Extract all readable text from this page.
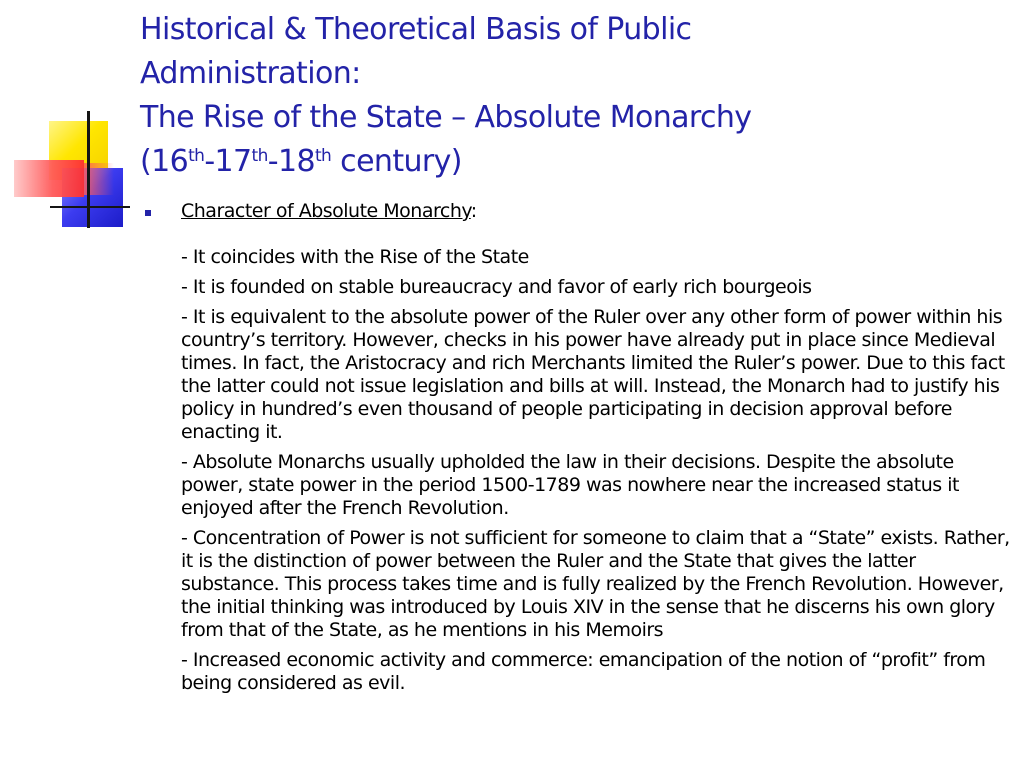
Historical & Theoretical Basis of Public
Administration:
The Rise of the State – Absolute Monarchy
(16th-17th-18th century)

Character of Absolute Monarchy:

- It coincides with the Rise of the State

- It is founded on stable bureaucracy and favor of early rich bourgeois

- It is equivalent to the absolute power of the Ruler over any other form of power within his country’s territory. However, checks in his power have already put in place since Medieval times. In fact, the Aristocracy and rich Merchants limited the Ruler’s power. Due to this fact the latter could not issue legislation and bills at will. Instead, the Monarch had to justify his policy in hundred’s even thousand of people participating in decision approval before enacting it.

- Absolute Monarchs usually upholded the law in their decisions. Despite the absolute power, state power in the period 1500-1789 was nowhere near the increased status it enjoyed after the French Revolution.

- Concentration of Power is not sufficient for someone to claim that a “State” exists. Rather, it is the distinction of power between the Ruler and the State that gives the latter substance. This process takes time and is fully realized by the French Revolution. However, the initial thinking was introduced by Louis XIV in the sense that he discerns his own glory from that of the State, as he mentions in his Memoirs

- Increased economic activity and commerce: emancipation of the notion of “profit” from being considered as evil.
